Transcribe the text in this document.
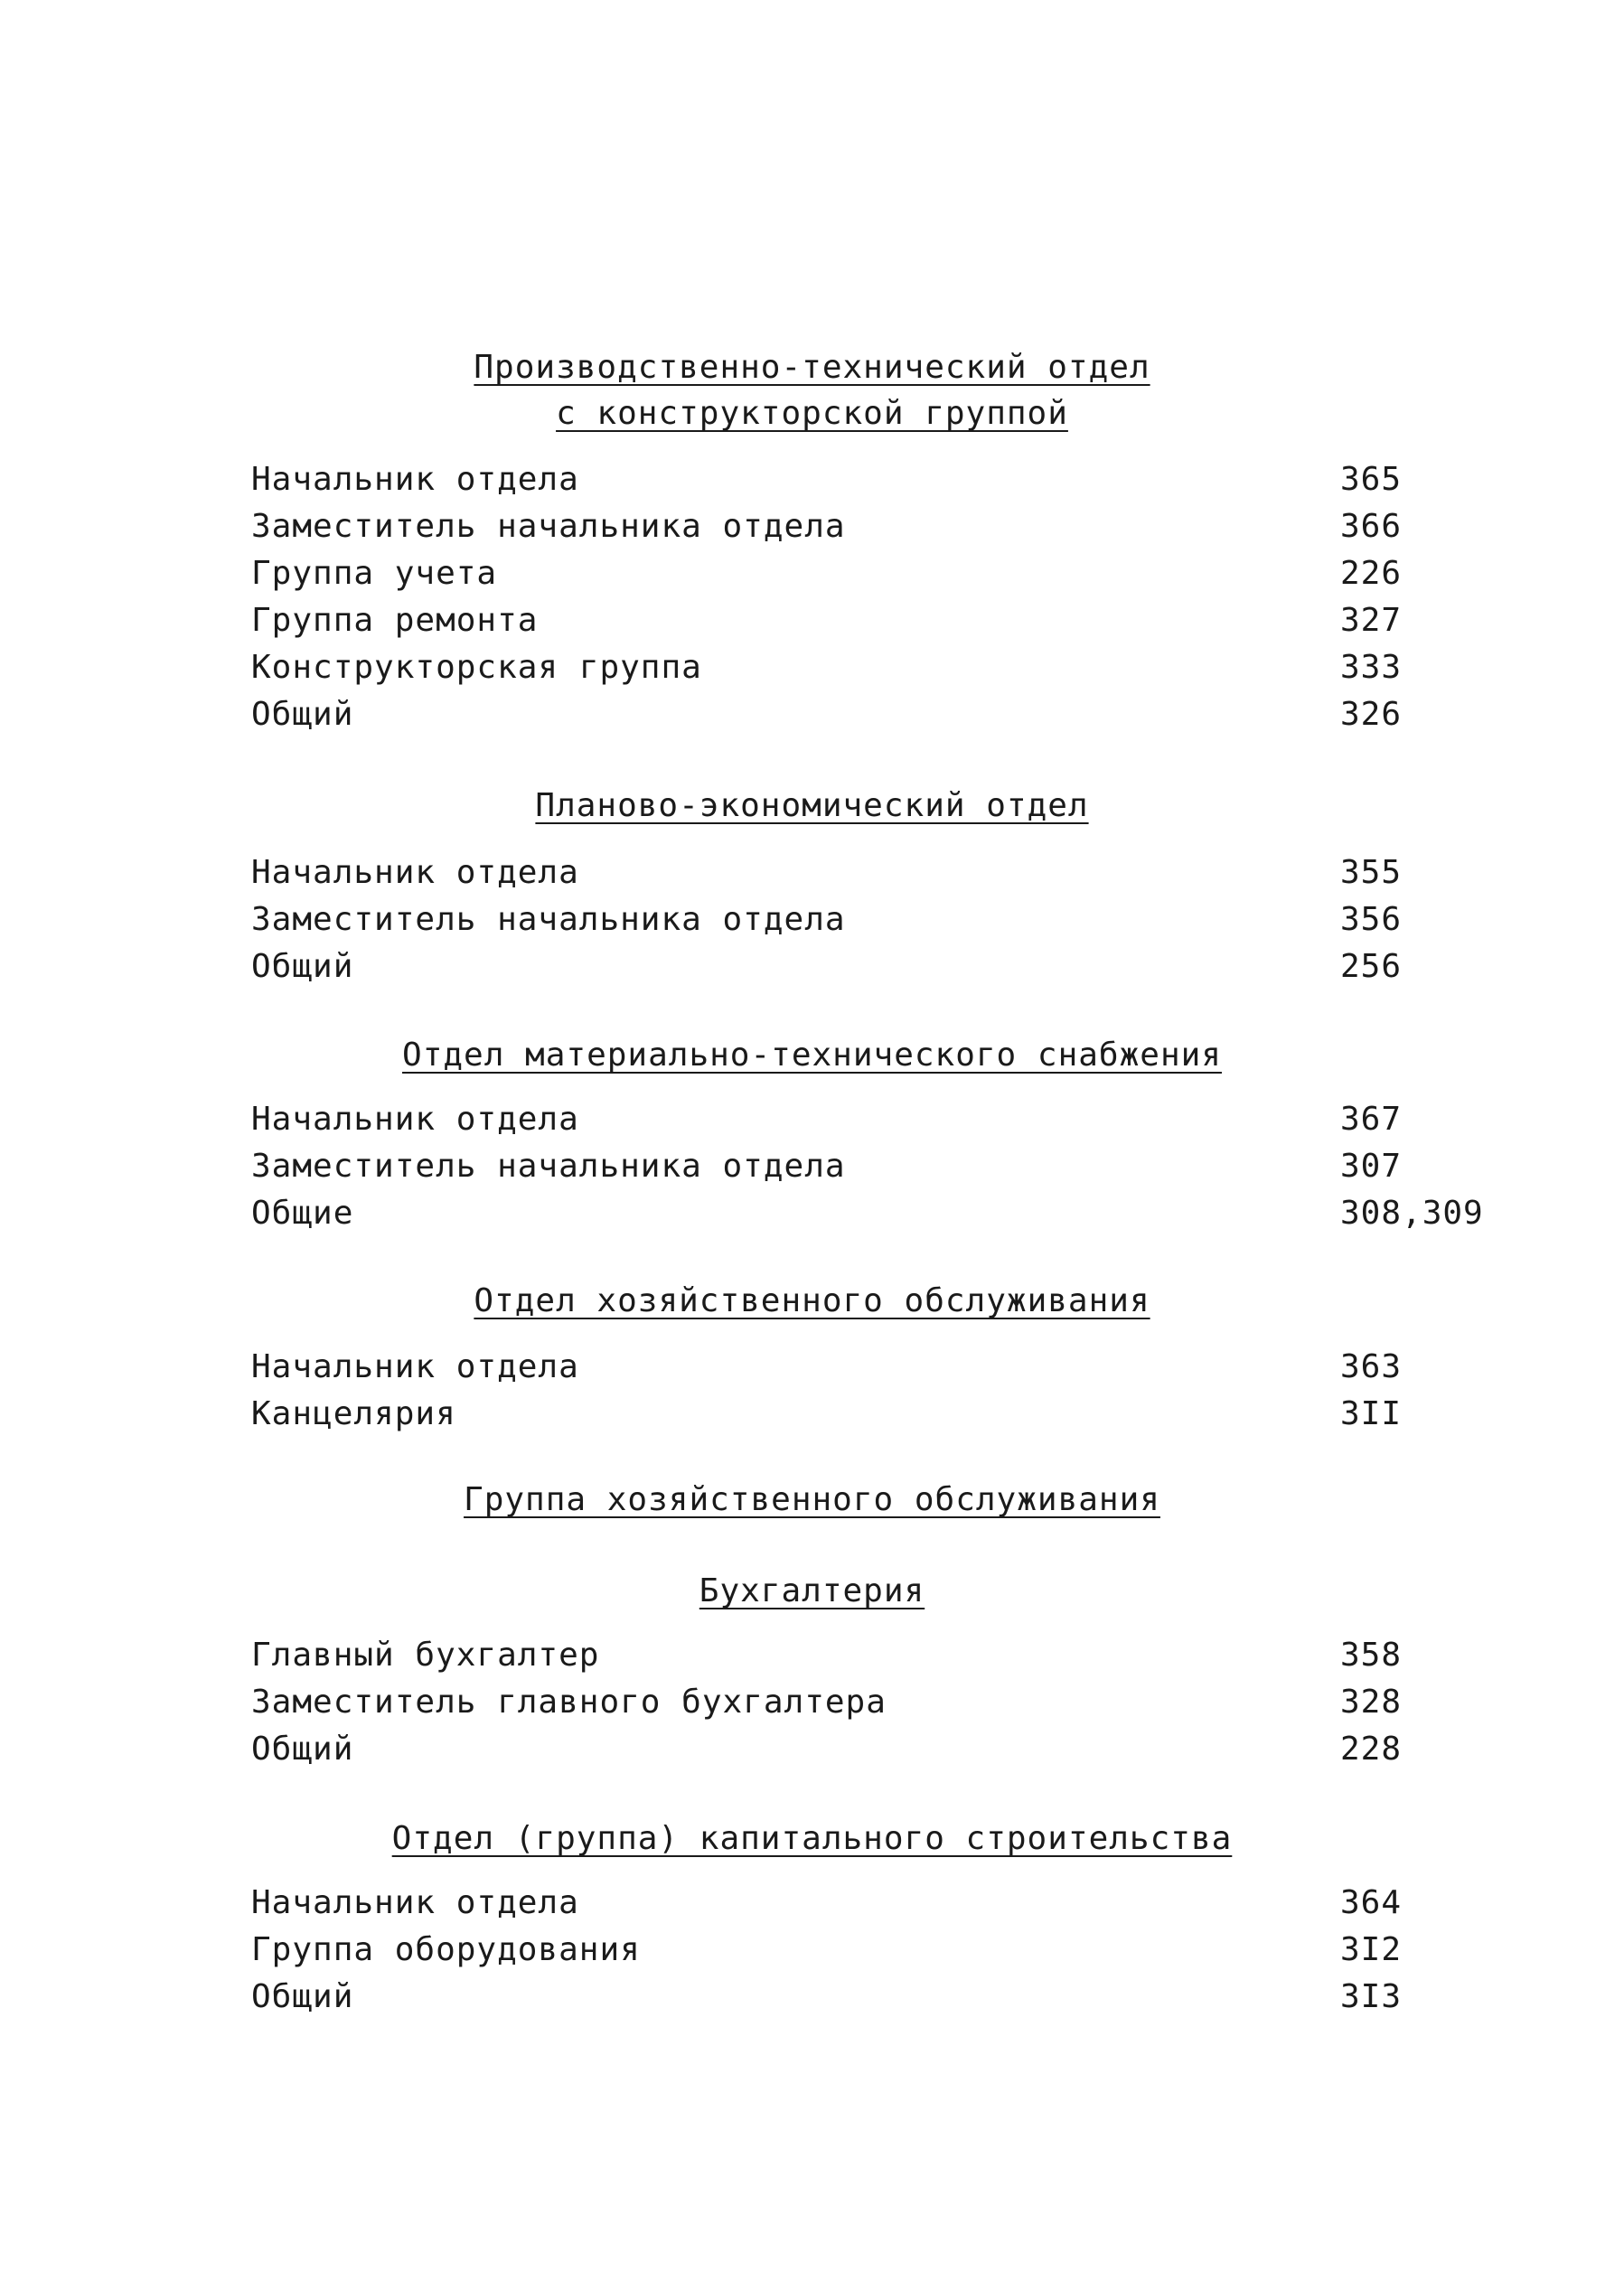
Производственно-технический отдел
с конструкторской группой
Начальник отдела	365
Заместитель начальника отдела	366
Группа учета	226
Группа ремонта	327
Конструкторская группа	333
Общий	326
Планово-экономический отдел
Начальник отдела	355
Заместитель начальника отдела	356
Общий	256
Отдел материально-технического снабжения
Начальник отдела	367
Заместитель начальника отдела	307
Общие	308,309
Отдел хозяйственного обслуживания
Начальник отдела	363
Канцелярия	3II
Группа хозяйственного обслуживания
Бухгалтерия
Главный бухгалтер	358
Заместитель главного бухгалтера	328
Общий	228
Отдел (группа) капитального строительства
Начальник отдела	364
Группа оборудования	3I2
Общий	3I3
